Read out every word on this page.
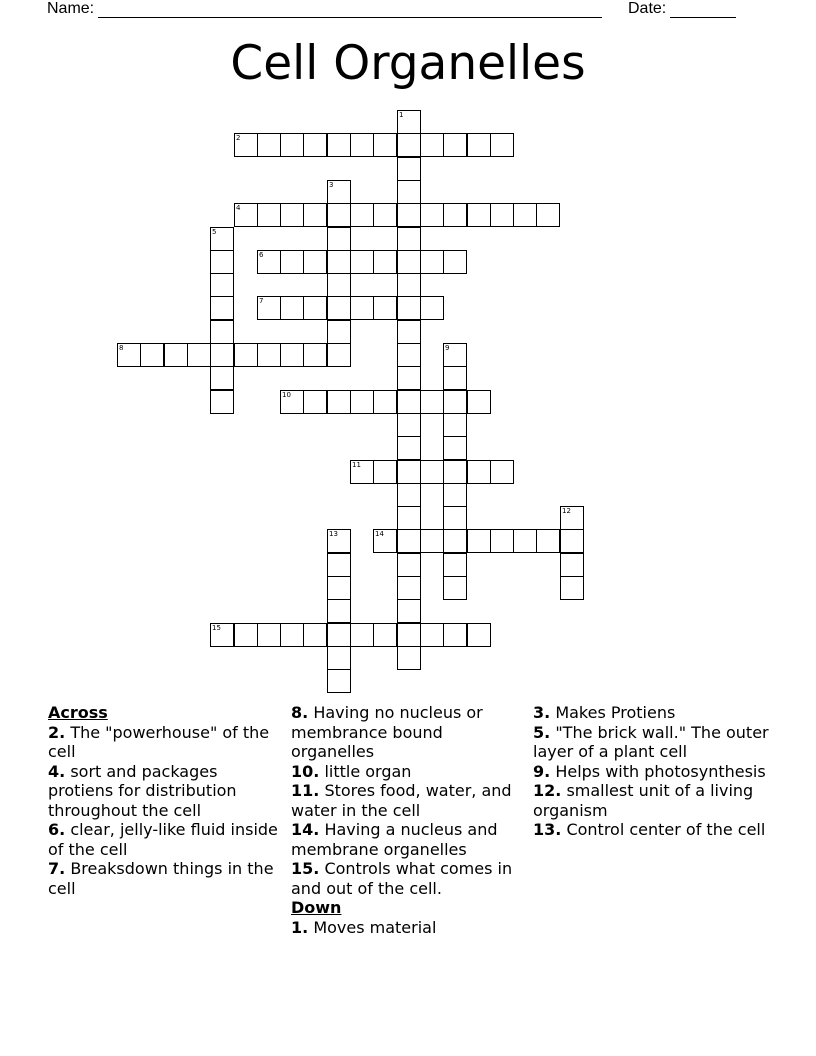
Name:	Date:
Cell Organelles
1
2
3
4
5
6
7
8	9
10
11
12
13	14
15
Across
2. The "powerhouse" of the cell
4. sort and packages protiens for distribution throughout the cell
6. clear, jelly-like fluid inside of the cell
7. Breaksdown things in the cell
8. Having no nucleus or membrance bound organelles
10. little organ
11. Stores food, water, and water in the cell
14. Having a nucleus and membrane organelles
15. Controls what comes in and out of the cell.
Down
1. Moves material
3. Makes Protiens
5. "The brick wall." The outer layer of a plant cell
9. Helps with photosynthesis
12. smallest unit of a living organism
13. Control center of the cell
